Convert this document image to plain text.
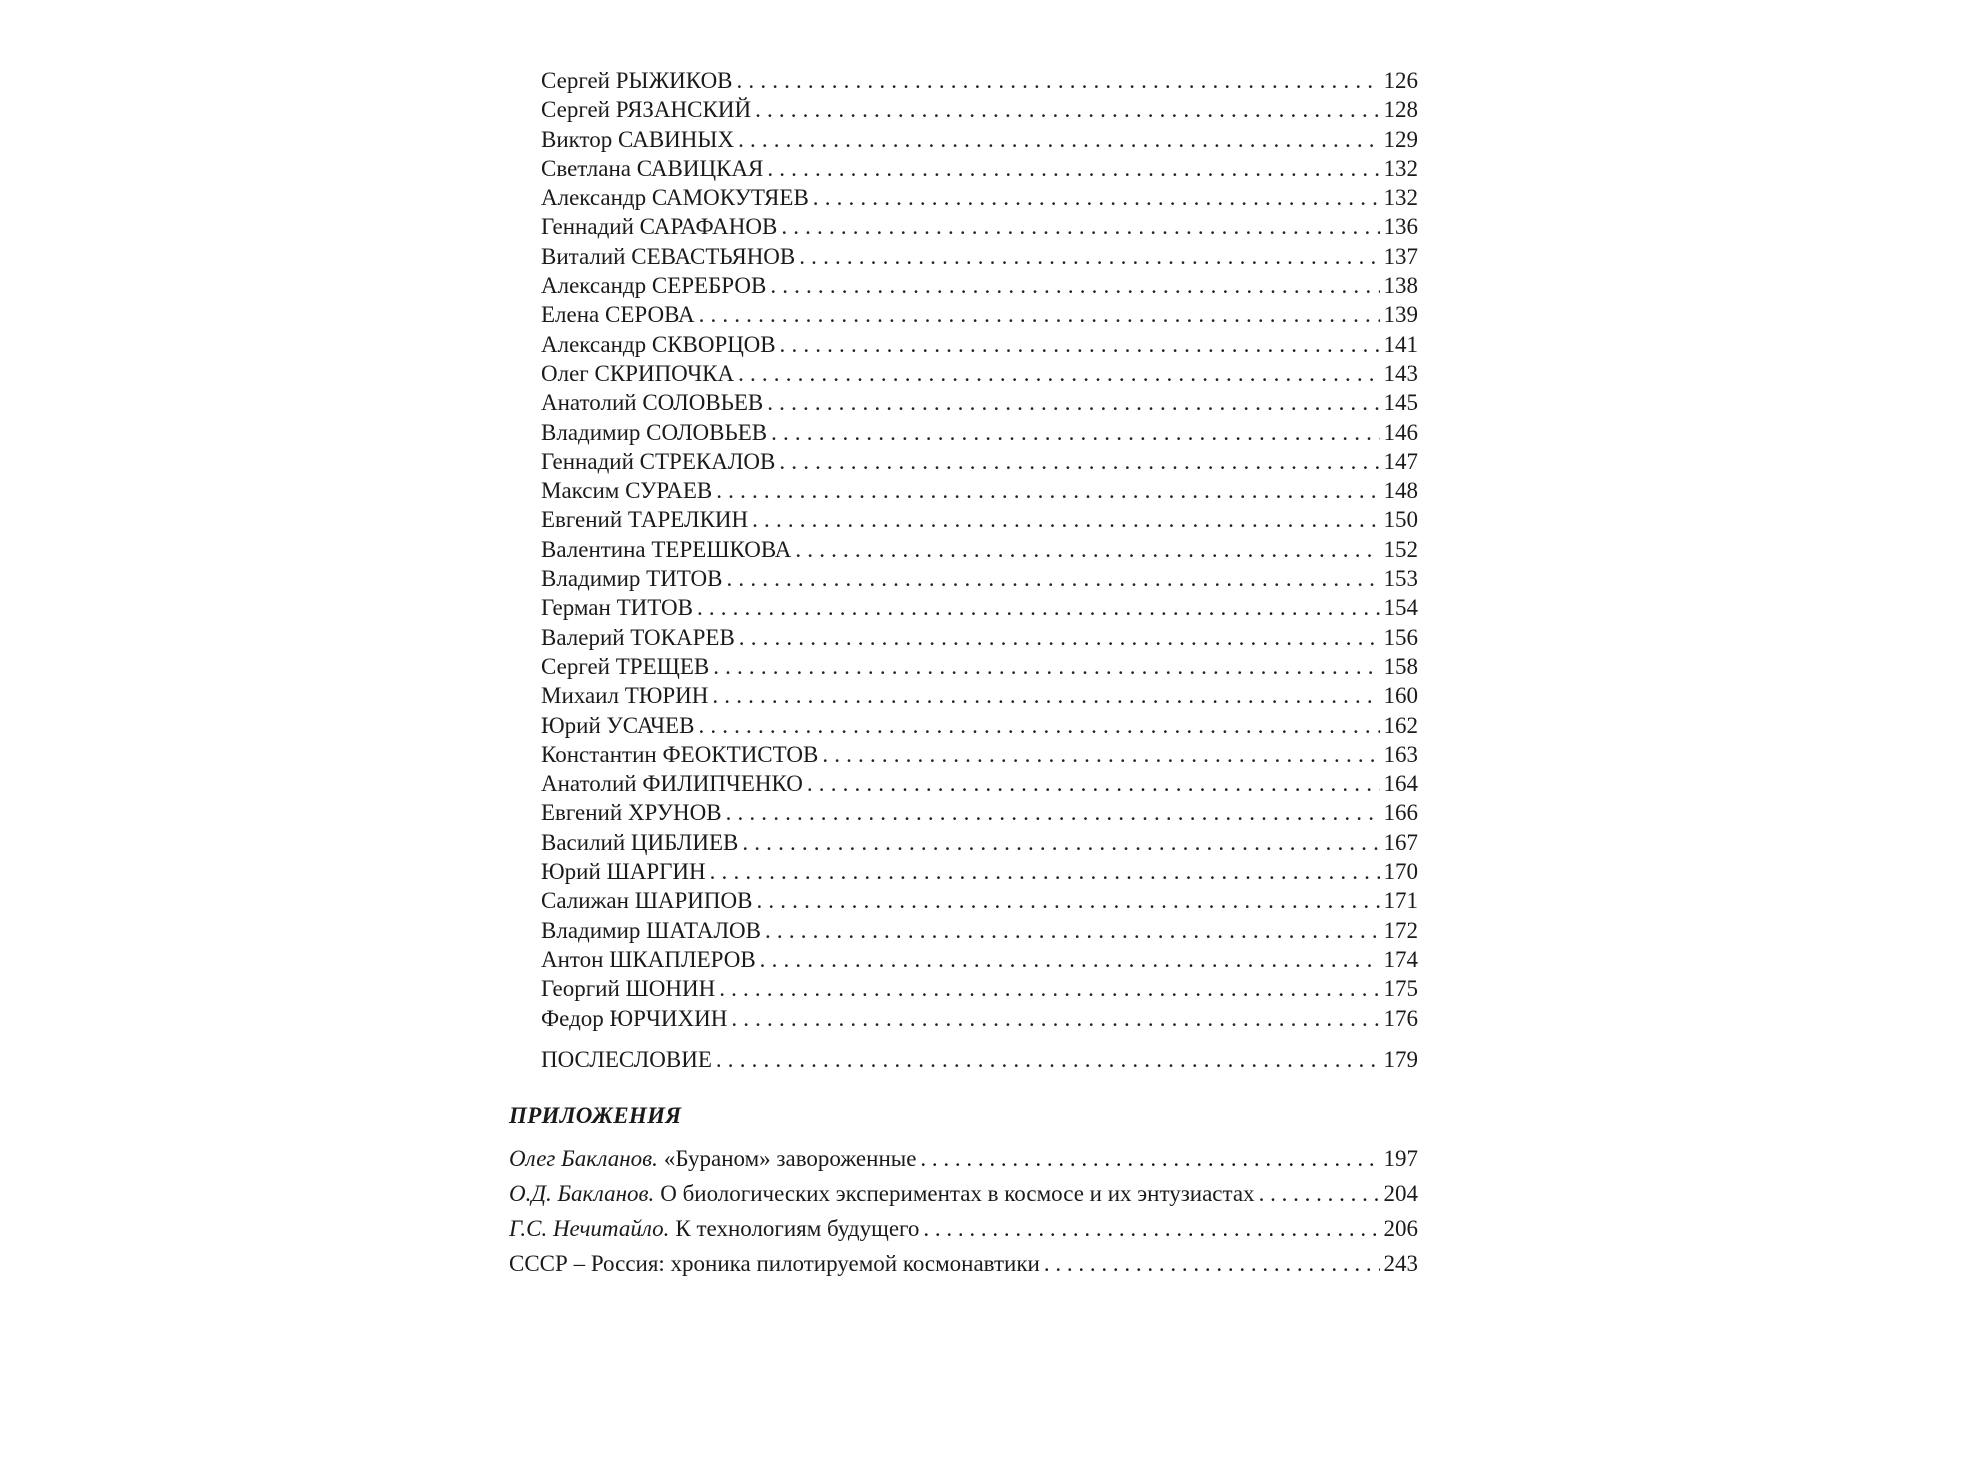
Сергей РЫЖИКОВ . . .	126
Сергей РЯЗАНСКИЙ . . .	128
Виктор САВИНЫХ . . .	129
Светлана САВИЦКАЯ . . .	132
Александр САМОКУТЯЕВ . . .	132
Геннадий САРАФАНОВ . . .	136
Виталий СЕВАСТЬЯНОВ . . .	137
Александр СЕРЕБРОВ . . .	138
Елена СЕРОВА . . .	139
Александр СКВОРЦОВ . . .	141
Олег СКРИПОЧКА . . .	143
Анатолий СОЛОВЬЕВ . . .	145
Владимир СОЛОВЬЕВ . . .	146
Геннадий СТРЕКАЛОВ . . .	147
Максим СУРАЕВ . . .	148
Евгений ТАРЕЛКИН . . .	150
Валентина ТЕРЕШКОВА . . .	152
Владимир ТИТОВ . . .	153
Герман ТИТОВ . . .	154
Валерий ТОКАРЕВ . . .	156
Сергей ТРЕЩЕВ . . .	158
Михаил ТЮРИН . . .	160
Юрий УСАЧЕВ . . .	162
Константин ФЕОКТИСТОВ . . .	163
Анатолий ФИЛИПЧЕНКО . . .	164
Евгений ХРУНОВ . . .	166
Василий ЦИБЛИЕВ . . .	167
Юрий ШАРГИН . . .	170
Салижан ШАРИПОВ . . .	171
Владимир ШАТАЛОВ . . .	172
Антон ШКАПЛЕРОВ . . .	174
Георгий ШОНИН . . .	175
Федор ЮРЧИХИН . . .	176
ПОСЛЕСЛОВИЕ . . .	179
ПРИЛОЖЕНИЯ
Олег Бакланов. «Бураном» завороженные . . .	197
О.Д. Бакланов. О биологических экспериментах в космосе и их энтузиастах . . .	204
Г.С. Нечитайло. К технологиям будущего . . .	206
СССР – Россия: хроника пилотируемой космонавтики . . .	243
